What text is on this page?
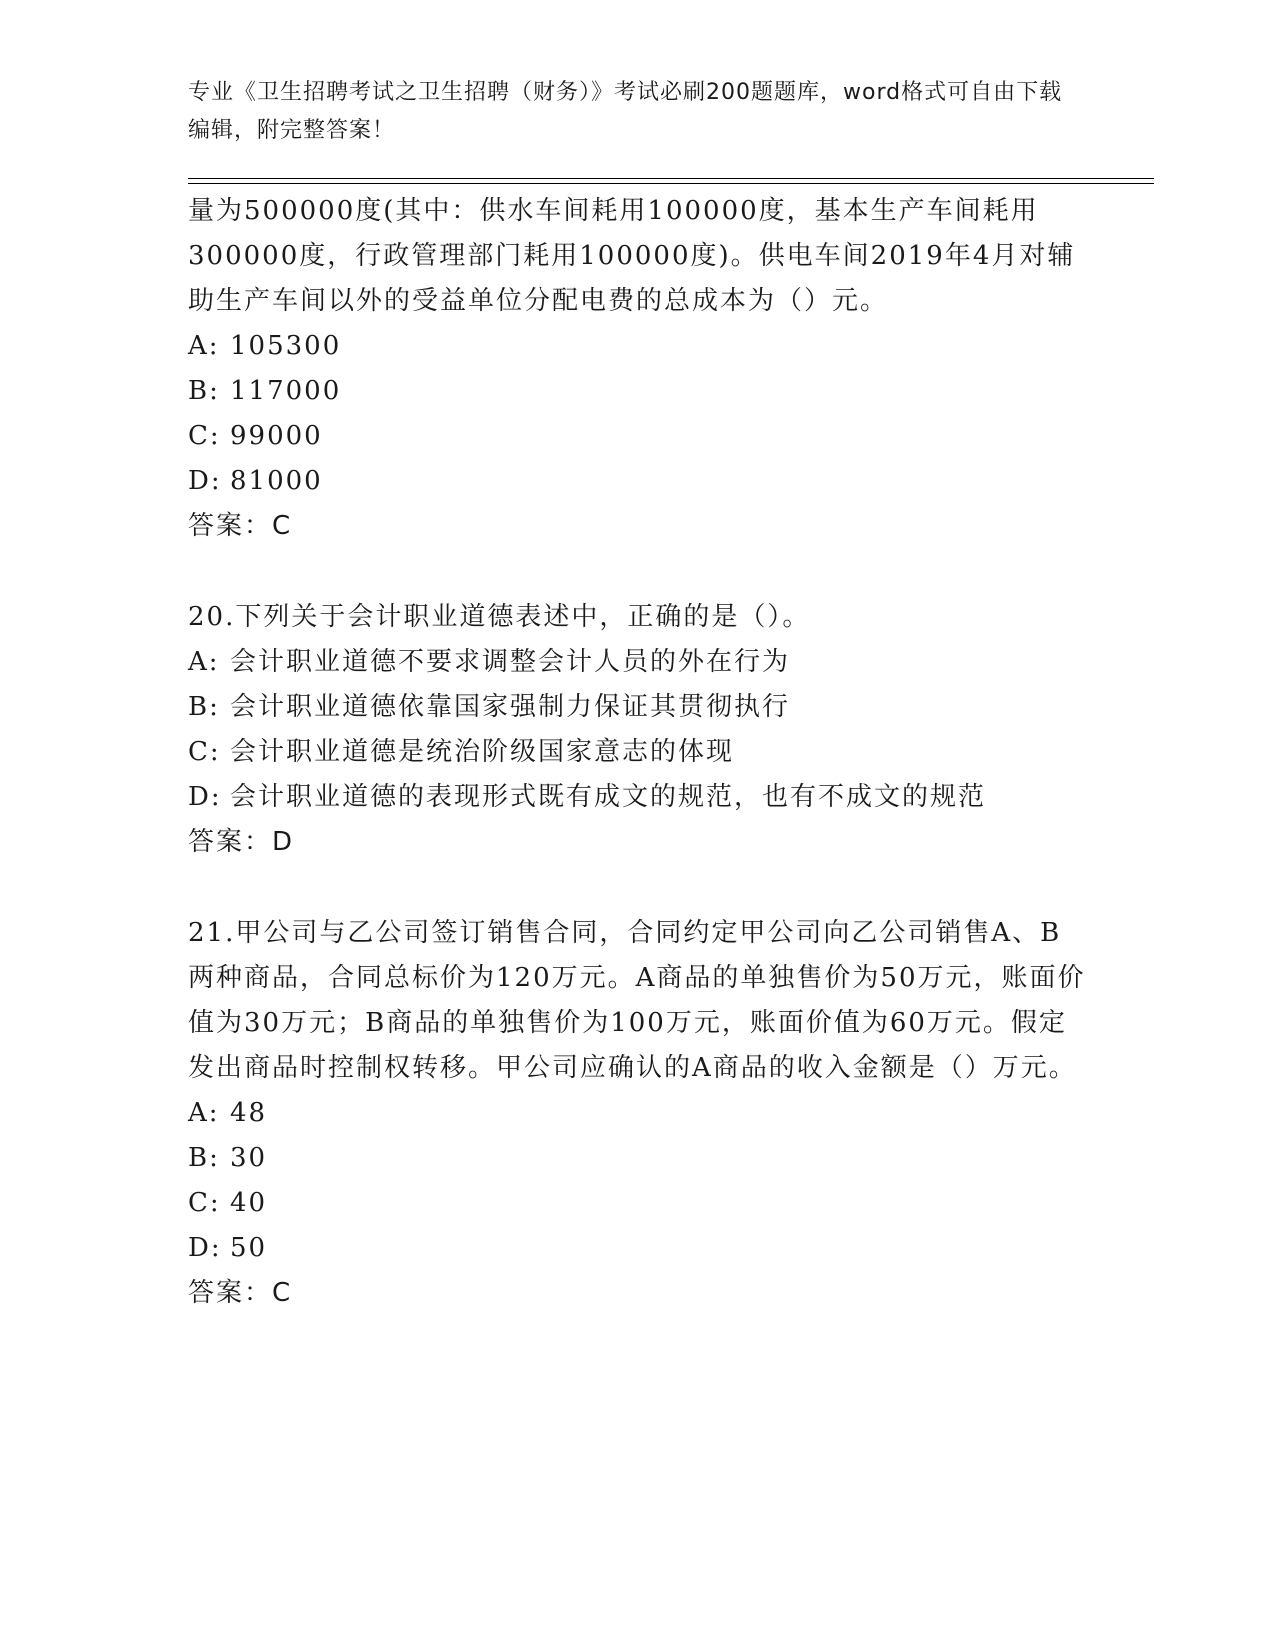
专业《卫生招聘考试之卫生招聘（财务）》考试必刷200题题库，word格式可自由下载编辑，附完整答案！

量为500000度(其中：供水车间耗用100000度，基本生产车间耗用300000度，行政管理部门耗用100000度)。供电车间2019年4月对辅助生产车间以外的受益单位分配电费的总成本为（）元。

A: 105300

B: 117000

C: 99000

D: 81000

答案：C

20.下列关于会计职业道德表述中，正确的是（）。

A: 会计职业道德不要求调整会计人员的外在行为

B: 会计职业道德依靠国家强制力保证其贯彻执行

C: 会计职业道德是统治阶级国家意志的体现

D: 会计职业道德的表现形式既有成文的规范，也有不成文的规范

答案：D

21.甲公司与乙公司签订销售合同，合同约定甲公司向乙公司销售A、B两种商品，合同总标价为120万元。A商品的单独售价为50万元，账面价值为30万元；B商品的单独售价为100万元，账面价值为60万元。假定发出商品时控制权转移。甲公司应确认的A商品的收入金额是（）万元。

A: 48

B: 30

C: 40

D: 50

答案：C
